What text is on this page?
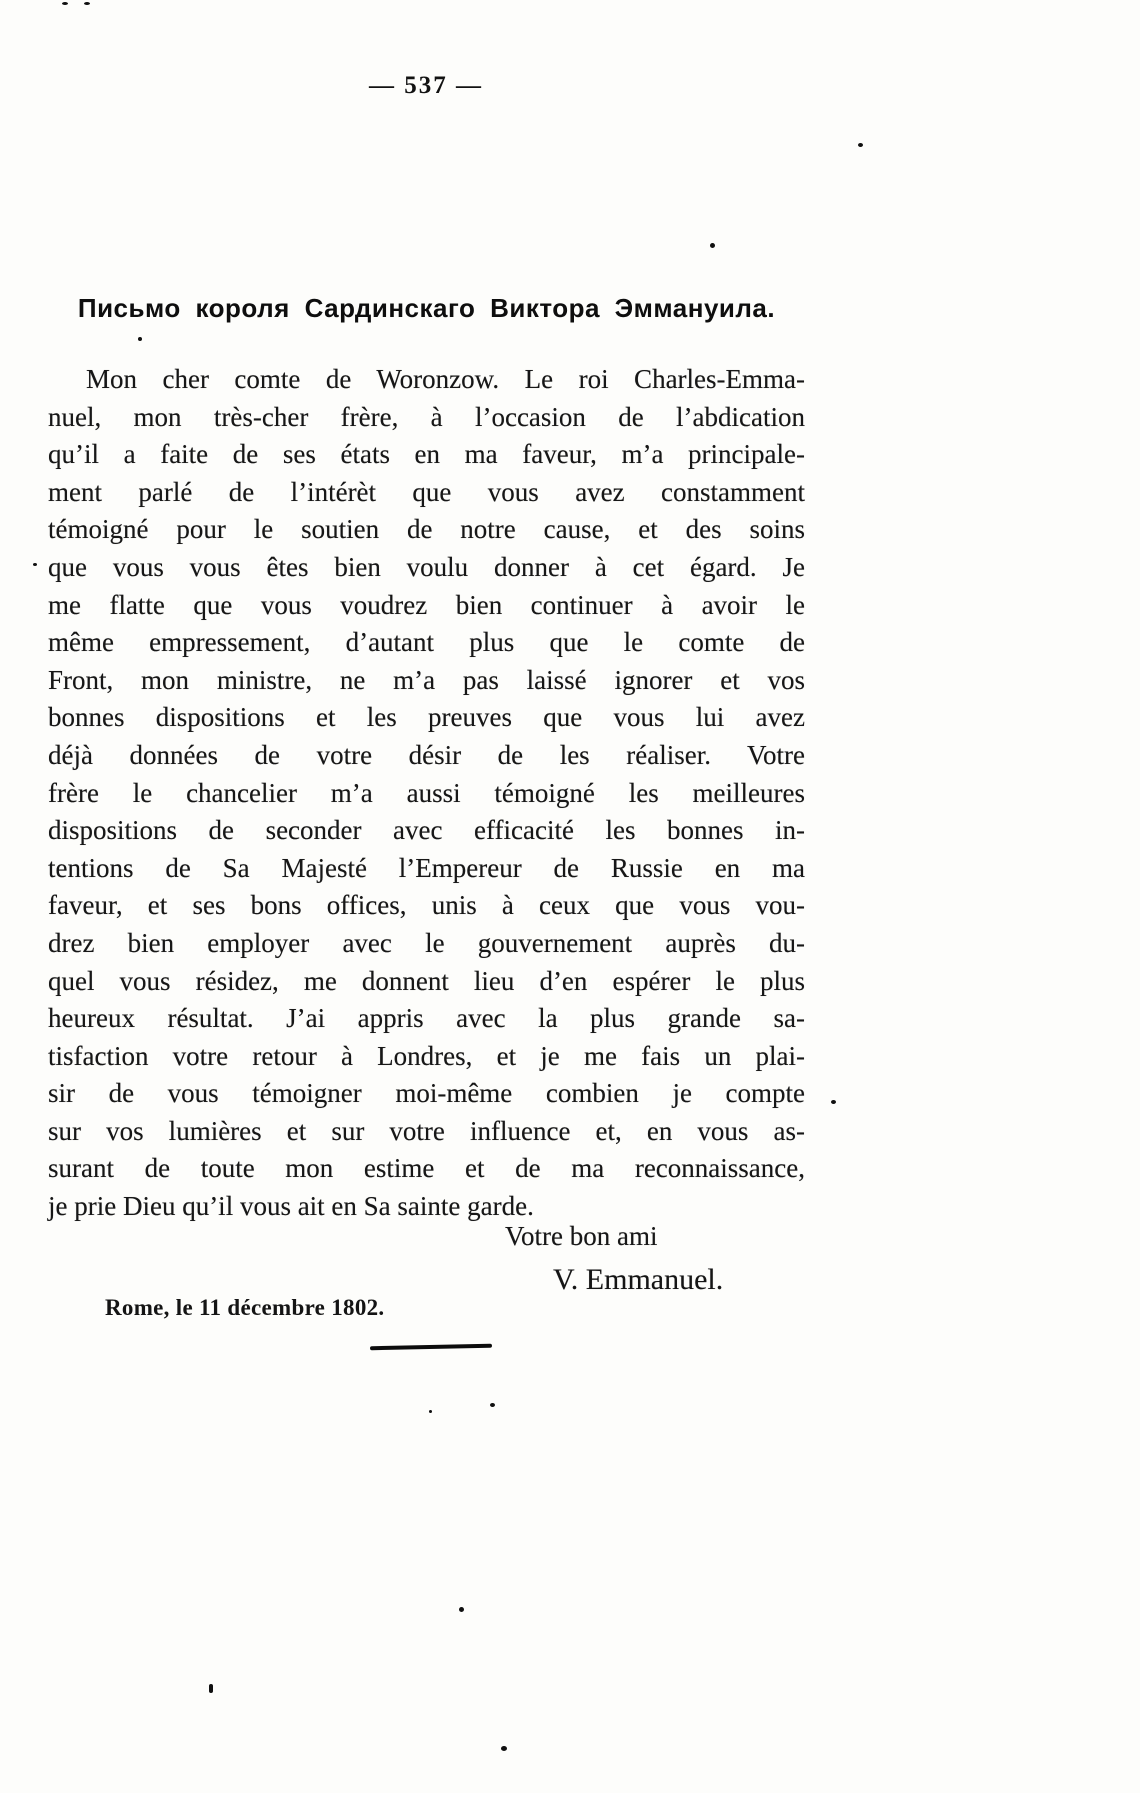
— 537 —
Письмо короля Сардинскаго Виктора Эммануила.
Mon cher comte de Woronzow. Le roi Charles-Emma-
nuel, mon très-cher frère, à l’occasion de l’abdication
qu’il a faite de ses états en ma faveur, m’a principale-
ment parlé de l’intérèt que vous avez constamment
témoigné pour le soutien de notre cause, et des soins
que vous vous êtes bien voulu donner à cet égard. Je
me flatte que vous voudrez bien continuer à avoir le
même empressement, d’autant plus que le comte de
Front, mon ministre, ne m’a pas laissé ignorer et vos
bonnes dispositions et les preuves que vous lui avez
déjà données de votre désir de les réaliser. Votre
frère le chancelier m’a aussi témoigné les meilleures
dispositions de seconder avec efficacité les bonnes in-
tentions de Sa Majesté l’Empereur de Russie en ma
faveur, et ses bons offices, unis à ceux que vous vou-
drez bien employer avec le gouvernement auprès du-
quel vous résidez, me donnent lieu d’en espérer le plus
heureux résultat. J’ai appris avec la plus grande sa-
tisfaction votre retour à Londres, et je me fais un plai-
sir de vous témoigner moi-même combien je compte
sur vos lumières et sur votre influence et, en vous as-
surant de toute mon estime et de ma reconnaissance,
je prie Dieu qu’il vous ait en Sa sainte garde.
Votre bon ami
V. Emmanuel.
Rome, le 11 décembre 1802.
